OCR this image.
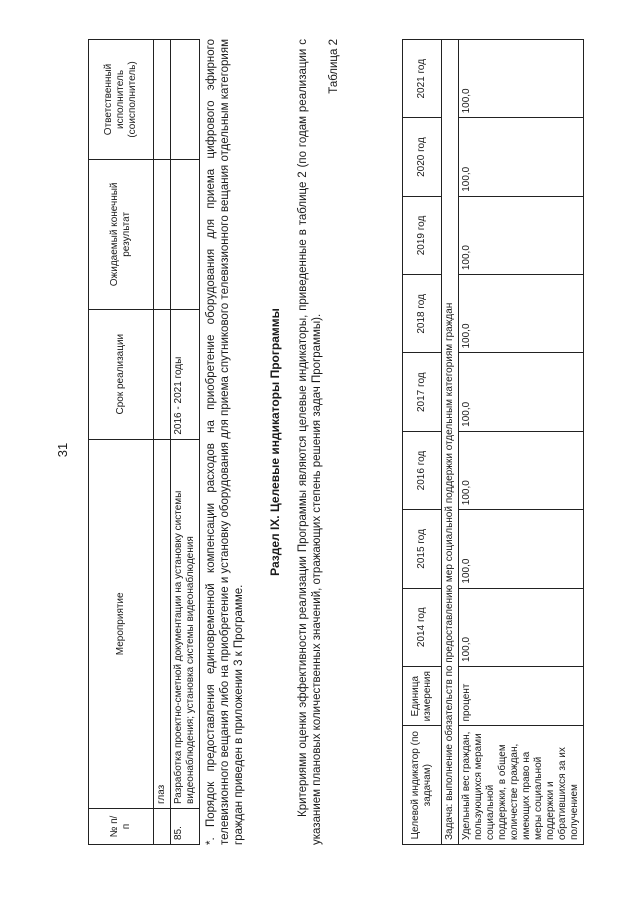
31
№ п/п	Мероприятие	Срок реализации	Ожидаемый конечный результат	Ответственный исполнитель (соисполнитель)
	глаз			
85.	Разработка проектно-сметной документации на установку системы видеонаблюдения; установка системы видеонаблюдения	2016 - 2021 годы		*. Порядок предоставления единовременной компенсации расходов на приобретение оборудования для приема цифрового эфирного телевизионного вещания либо на приобретение и установку оборудования для приема спутникового телевизионного вещания отдельным категориям граждан приведен в приложении 3 к Программе.
Раздел IX. Целевые индикаторы Программы Критериями оценки эффективности реализации Программы являются целевые индикаторы, приведенные в таблице 2 (по годам реализации с указанием плановых количественных значений, отражающих степень решения задач Программы).
Таблица 2
Целевой индикатор (по задачам)	Единица измерения	2014 год	2015 год	2016 год	2017 год	2018 год	2019 год	2020 год	2021 год
Задача: выполнение обязательств по предоставлению мер социальной поддержки отдельным категориям граждан									
Удельный вес граждан, пользующихся мерами социальной поддержки, в общем количестве граждан, имеющих право на меры социальной поддержки и обратившихся за их получением	процент	100,0	100,0	100,0	100,0	100,0	100,0	100,0	100,0
